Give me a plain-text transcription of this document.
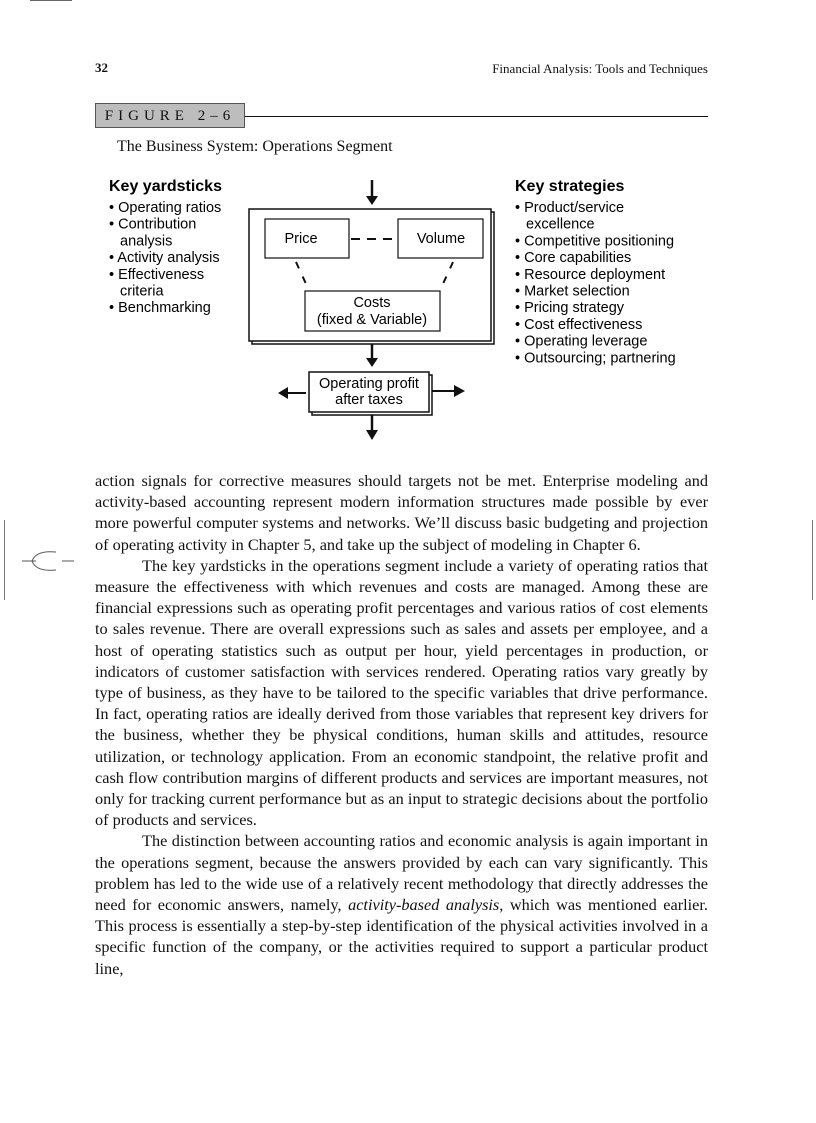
32	Financial Analysis: Tools and Techniques
FIGURE 2–6
The Business System: Operations Segment
Key yardsticks
• Operating ratios
• Contribution
analysis
• Activity analysis
• Effectiveness
criteria
• Benchmarking
Key strategies
• Product/service
excellence
• Competitive positioning
• Core capabilities
• Resource deployment
• Market selection
• Pricing strategy
• Cost effectiveness
• Operating leverage
• Outsourcing; partnering
Price	Volume
Costs
(fixed & Variable)
Operating profit
after taxes

action signals for corrective measures should targets not be met. Enterprise modeling and activity-based accounting represent modern information structures made possible by ever more powerful computer systems and networks. We’ll discuss basic budgeting and projection of operating activity in Chapter 5, and take up the subject of modeling in Chapter 6.

The key yardsticks in the operations segment include a variety of operating ratios that measure the effectiveness with which revenues and costs are managed. Among these are financial expressions such as operating profit percentages and various ratios of cost elements to sales revenue. There are overall expressions such as sales and assets per employee, and a host of operating statistics such as output per hour, yield percentages in production, or indicators of customer satisfaction with services rendered. Operating ratios vary greatly by type of business, as they have to be tailored to the specific variables that drive performance. In fact, operating ratios are ideally derived from those variables that represent key drivers for the business, whether they be physical conditions, human skills and attitudes, resource utilization, or technology application. From an economic standpoint, the relative profit and cash flow contribution margins of different products and services are important measures, not only for tracking current performance but as an input to strategic decisions about the portfolio of products and services.

The distinction between accounting ratios and economic analysis is again important in the operations segment, because the answers provided by each can vary significantly. This problem has led to the wide use of a relatively recent methodology that directly addresses the need for economic answers, namely, activity-based analysis, which was mentioned earlier. This process is essentially a step-by-step identification of the physical activities involved in a specific function of the company, or the activities required to support a particular product line,
